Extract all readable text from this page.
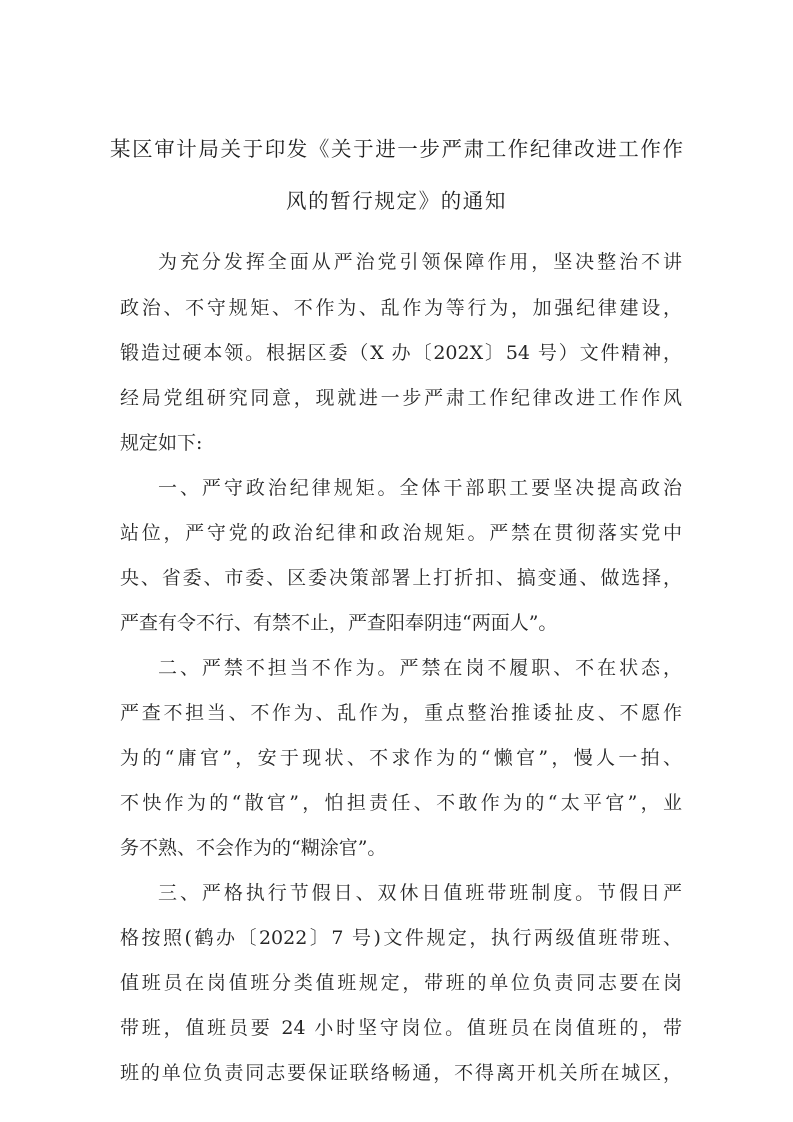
某区审计局关于印发《关于进一步严肃工作纪律改进工作作
风的暂行规定》的通知
为充分发挥全面从严治党引领保障作用，坚决整治不讲
政治、不守规矩、不作为、乱作为等行为，加强纪律建设，
锻造过硬本领。根据区委（X 办〔202X〕54 号）文件精神，
经局党组研究同意，现就进一步严肃工作纪律改进工作作风
规定如下:
一、严守政治纪律规矩。全体干部职工要坚决提高政治
站位，严守党的政治纪律和政治规矩。严禁在贯彻落实党中
央、省委、市委、区委决策部署上打折扣、搞变通、做选择，
严查有令不行、有禁不止，严查阳奉阴违“两面人”。
二、严禁不担当不作为。严禁在岗不履职、不在状态，
严查不担当、不作为、乱作为，重点整治推诿扯皮、不愿作
为的“庸官”，安于现状、不求作为的“懒官”，慢人一拍、
不快作为的“散官”，怕担责任、不敢作为的“太平官”，业
务不熟、不会作为的“糊涂官”。
三、严格执行节假日、双休日值班带班制度。节假日严
格按照(鹤办〔2022〕7 号)文件规定，执行两级值班带班、
值班员在岗值班分类值班规定，带班的单位负责同志要在岗
带班，值班员要 24 小时坚守岗位。值班员在岗值班的，带
班的单位负责同志要保证联络畅通，不得离开机关所在城区，
